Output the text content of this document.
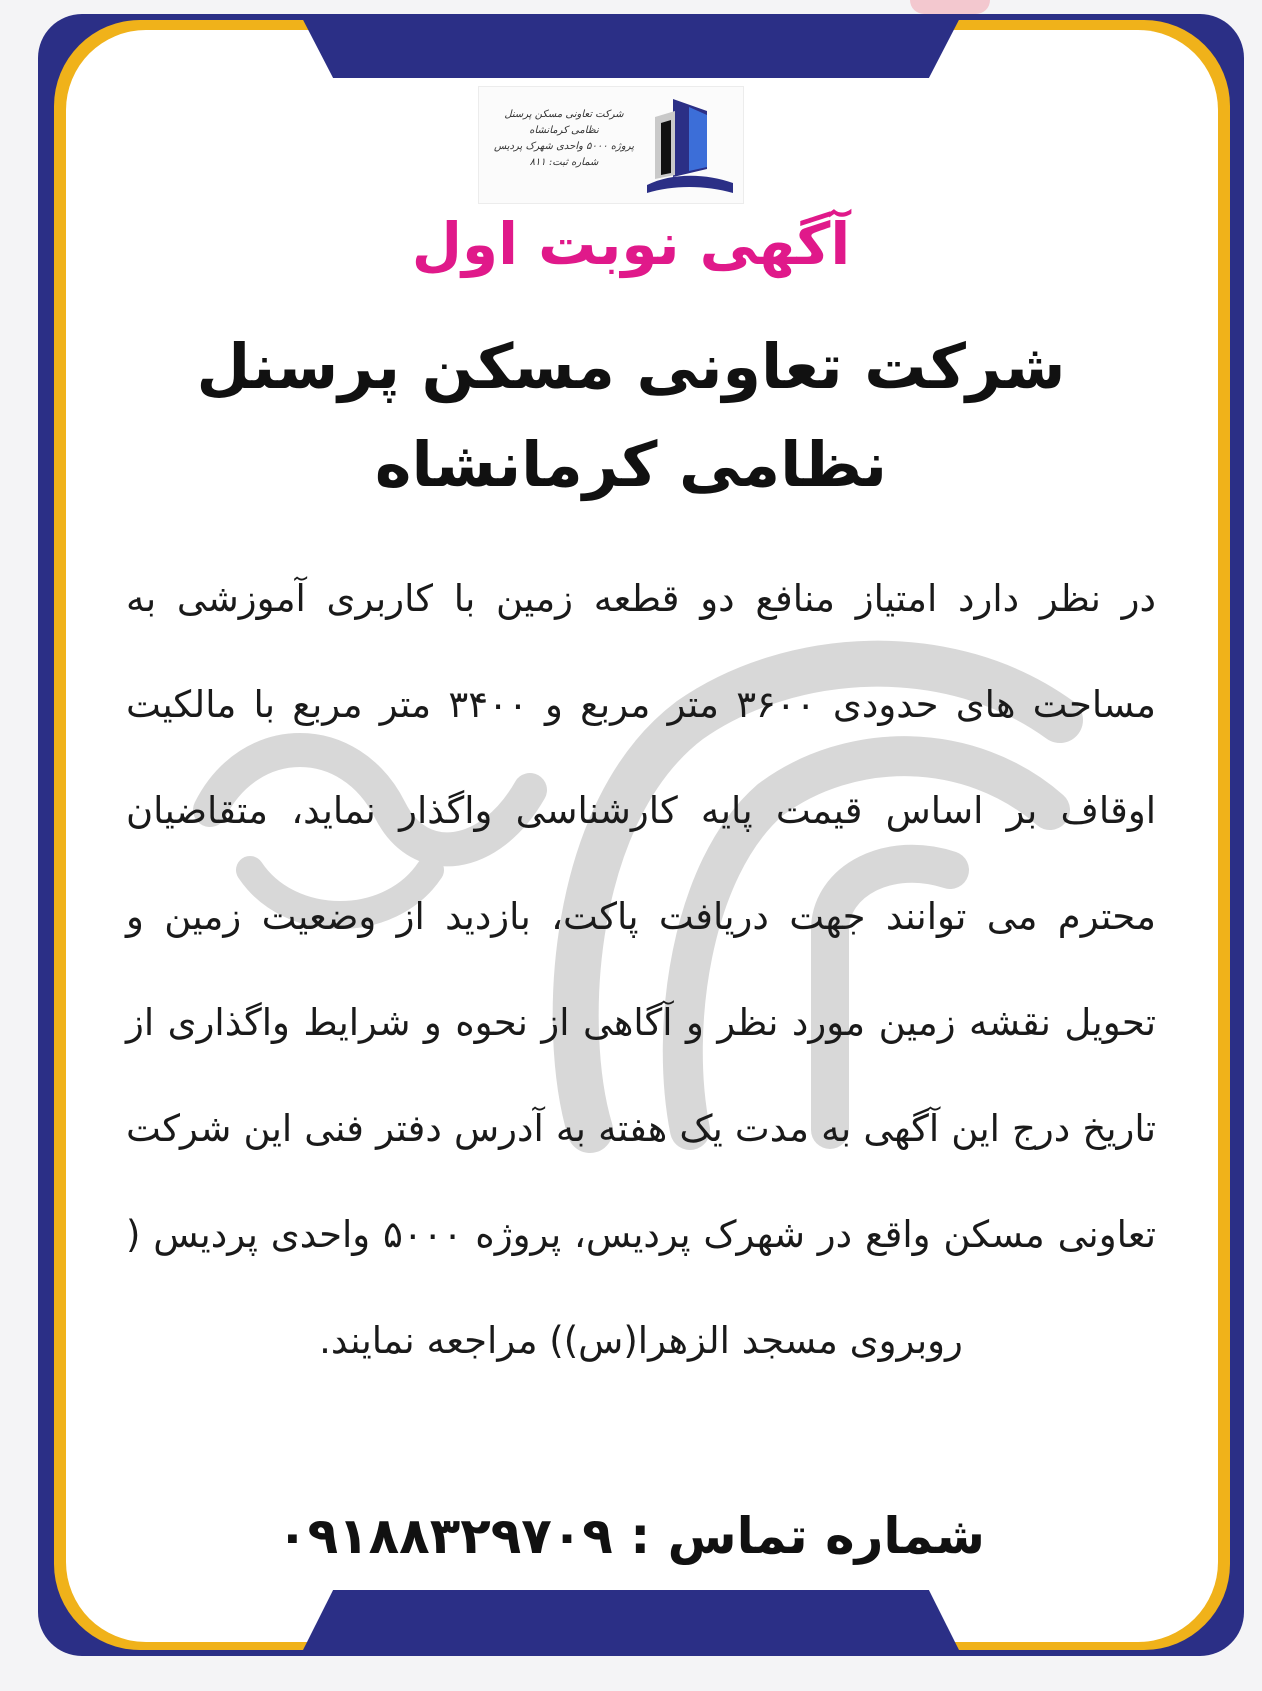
شرکت تعاونی مسکن پرسنل نظامی کرمانشاه
پروژه ۵۰۰۰ واحدی شهرک پردیس
شماره ثبت: ۸۱۱
آگهی نوبت اول
شرکت تعاونی مسکن پرسنل نظامی کرمانشاه

در نظر دارد امتیاز منافع دو قطعه زمین با کاربری آموزشی به مساحت های حدودی ۳۶۰۰ متر مربع و ۳۴۰۰ متر مربع با مالکیت اوقاف بر اساس قیمت پایه کارشناسی واگذار نماید، متقاضیان محترم می توانند جهت دریافت پاکت، بازدید از وضعیت زمین و تحویل نقشه زمین مورد نظر و آگاهی از نحوه و شرایط واگذاری از تاریخ درج این آگهی به مدت یک هفته به آدرس دفتر فنی این شرکت تعاونی مسکن واقع در شهرک پردیس، پروژه ۵۰۰۰ واحدی پردیس ( روبروی مسجد الزهرا(س)) مراجعه نمایند.

شماره تماس : ۰۹۱۸۸۳۲۹۷۰۹
